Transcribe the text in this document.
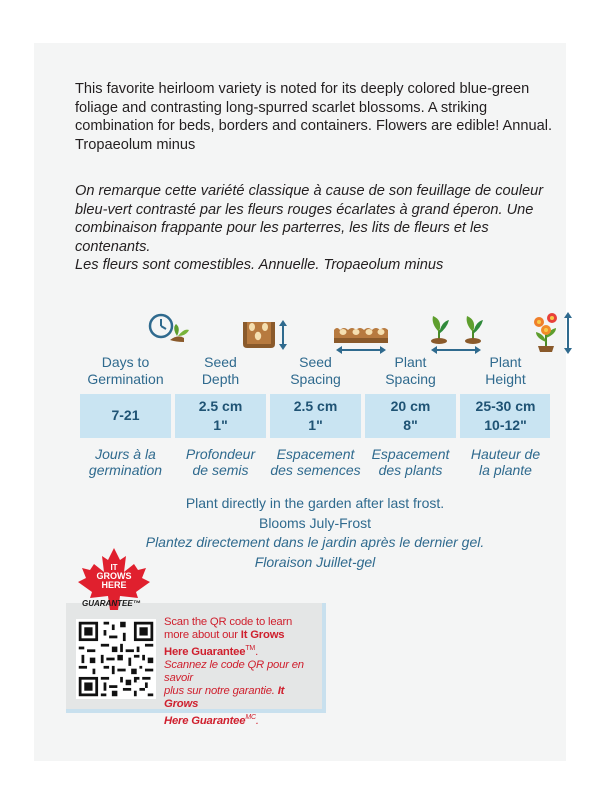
This favorite heirloom variety is noted for its deeply colored blue-green
foliage and contrasting long-spurred scarlet blossoms. A striking
combination for beds, borders and containers. Flowers are edible! Annual.
Tropaeolum minus
On remarque cette variété classique à cause de son feuillage de couleur
bleu-vert contrasté par les fleurs rouges écarlates à grand éperon. Une
combinaison frappante pour les parterres, les lits de fleurs et les contenants.
Les fleurs sont comestibles. Annuelle. Tropaeolum minus
Days to
Germination
7-21
Jours à la
germination
Seed
Depth
2.5 cm
1"
Profondeur
de semis
Seed
Spacing
2.5 cm
1"
Espacement
des semences
Plant
Spacing
20 cm
8"
Espacement
des plants
Plant
Height
25-30 cm
10-12"
Hauteur de
la plante
Plant directly in the garden after last frost.
Blooms July-Frost
Plantez directement dans le jardin après le dernier gel.
Floraison Juillet-gel
IT
GROWS
HERE
GUARANTEE™
Scan the QR code to learn
more about our It Grows
Here Guarantee™.
Scannez le code QR pour en savoir
plus sur notre garantie. It Grows
Here Guarantee$^{MC}$.
